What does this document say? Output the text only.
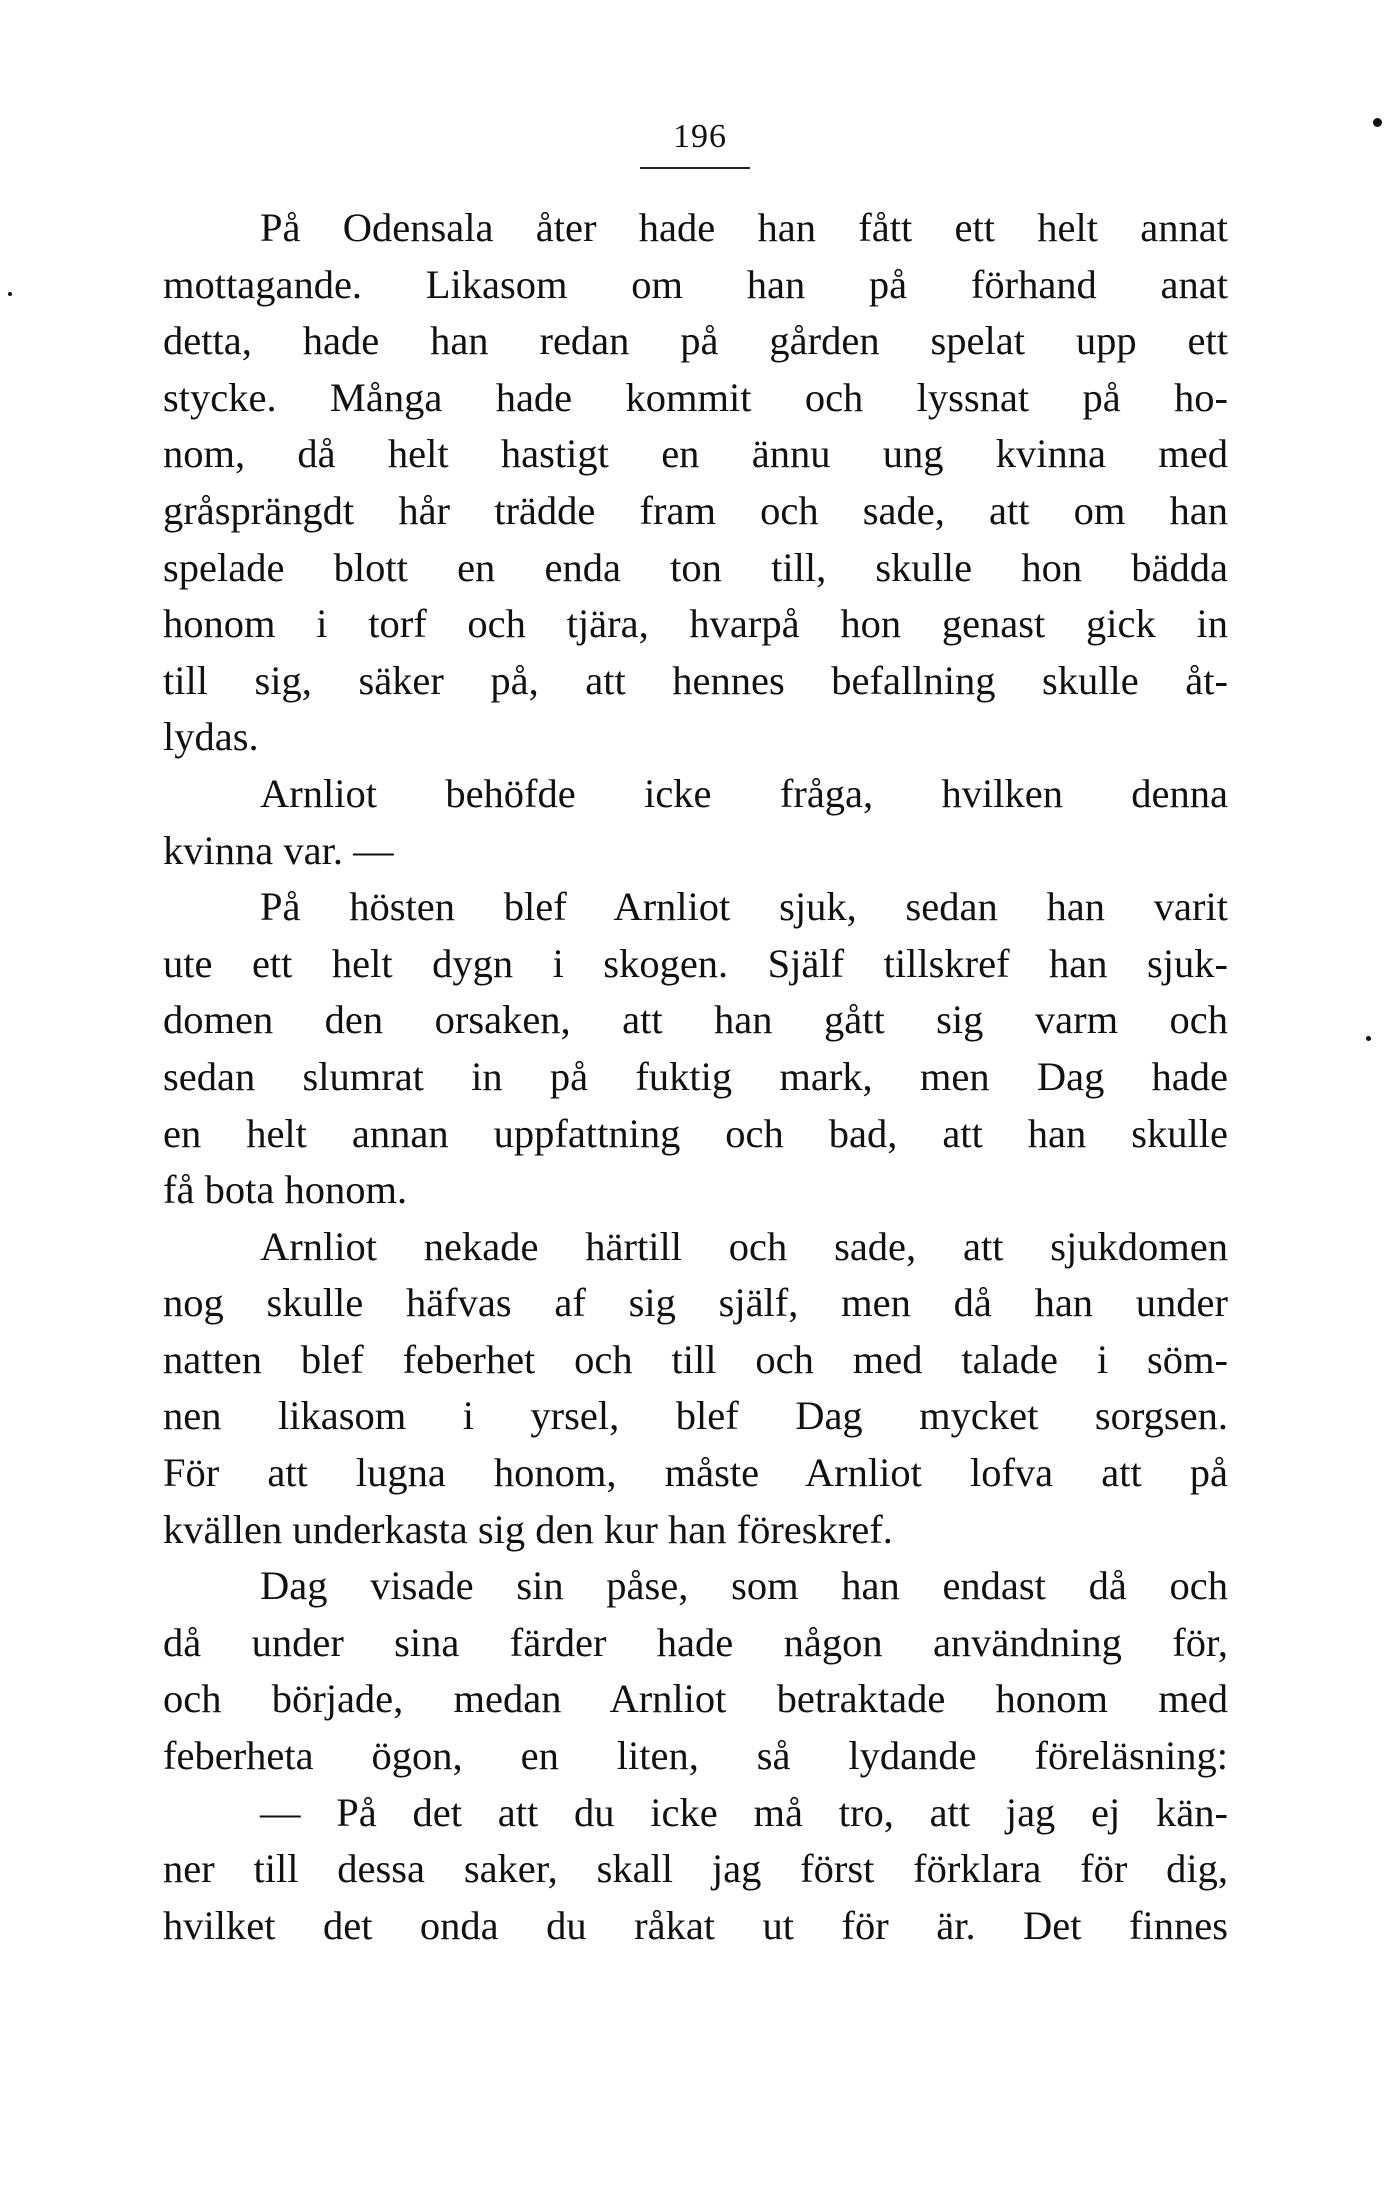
196
På Odensala åter hade han fått ett helt annat
mottagande. Likasom om han på förhand anat
detta, hade han redan på gården spelat upp ett
stycke. Många hade kommit och lyssnat på ho-
nom, då helt hastigt en ännu ung kvinna med
gråsprängdt hår trädde fram och sade, att om han
spelade blott en enda ton till, skulle hon bädda
honom i torf och tjära, hvarpå hon genast gick in
till sig, säker på, att hennes befallning skulle åt-
lydas.
Arnliot behöfde icke fråga, hvilken denna
kvinna var. —
På hösten blef Arnliot sjuk, sedan han varit
ute ett helt dygn i skogen. Själf tillskref han sjuk-
domen den orsaken, att han gått sig varm och
sedan slumrat in på fuktig mark, men Dag hade
en helt annan uppfattning och bad, att han skulle
få bota honom.
Arnliot nekade härtill och sade, att sjukdomen
nog skulle häfvas af sig själf, men då han under
natten blef feberhet och till och med talade i söm-
nen likasom i yrsel, blef Dag mycket sorgsen.
För att lugna honom, måste Arnliot lofva att på
kvällen underkasta sig den kur han föreskref.
Dag visade sin påse, som han endast då och
då under sina färder hade någon användning för,
och började, medan Arnliot betraktade honom med
feberheta ögon, en liten, så lydande föreläsning:
— På det att du icke må tro, att jag ej kän-
ner till dessa saker, skall jag först förklara för dig,
hvilket det onda du råkat ut för är. Det finnes
